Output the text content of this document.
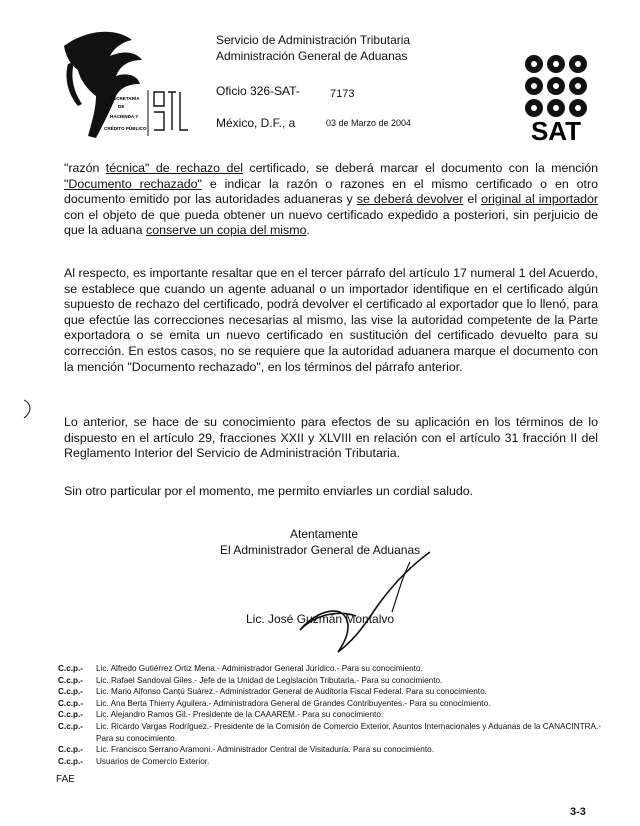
SECRETARÍA
DE
HACIENDA Y
CRÉDITO PÚBLICO
Servicio de Administración Tributaria
Administración General de Aduanas
Oficio 326-SAT-	7173
México, D.F., a	03 de Marzo de 2004	SAT

"razón técnica" de rechazo del certificado, se deberá marcar el documento con la mención "Documento rechazado" e indicar la razón o razones en el mismo certificado o en otro documento emitido por las autoridades aduaneras y se deberá devolver el original al importador con el objeto de que pueda obtener un nuevo certificado expedido a posteriori, sin perjuicio de que la aduana conserve un copia del mismo.

Al respecto, es importante resaltar que en el tercer párrafo del artículo 17 numeral 1 del Acuerdo, se establece que cuando un agente aduanal o un importador identifique en el certificado algún supuesto de rechazo del certificado, podrá devolver el certificado al exportador que lo llenó, para que efectúe las correcciones necesarias al mismo, las vise la autoridad competente de la Parte exportadora o se emita un nuevo certificado en sustitución del certificado devuelto para su corrección. En estos casos, no se requiere que la autoridad aduanera marque el documento con la mención "Documento rechazado", en los términos del párrafo anterior.

Lo anterior, se hace de su conocimiento para efectos de su aplicación en los términos de lo dispuesto en el artículo 29, fracciones XXII y XLVIII en relación con el artículo 31 fracción II del Reglamento Interior del Servicio de Administración Tributaria.

Sin otro particular por el momento, me permito enviarles un cordial saludo.

Atentamente
El Administrador General de Aduanas
Lic. José Guzmán Montalvo
C.c.p.-	Lic. Alfredo Gutiérrez Ortiz Mena.- Administrador General Jurídico.- Para su conocimiento.
C.c.p.-	Lic. Rafael Sandoval Giles.- Jefe de la Unidad de Legislación Tributaria.- Para su conocimiento.
C.c.p.-	Lic. Mario Alfonso Cantú Suárez.- Administrador General de Auditoría Fiscal Federal. Para su conocimiento.
C.c.p.-	Lic. Ana Berta Thierry Aguilera.- Administradora General de Grandes Contribuyentes.- Para su conocimiento.
C.c.p.-	Lic. Alejandro Ramos Gil.- Presidente de la CAAAREM.- Para su conocimiento.
C.c.p.-	Lic. Ricardo Vargas Rodríguez.- Presidente de la Comisión de Comercio Exterior, Asuntos Internacionales y Aduanas de la CANACINTRA.- Para su conocimiento.
C.c.p.-	Lic. Francisco Serrano Aramoni.- Administrador Central de Visitaduría. Para su conocimiento.
C.c.p.-	Usuarios de Comercio Exterior.
FAE
3-3
